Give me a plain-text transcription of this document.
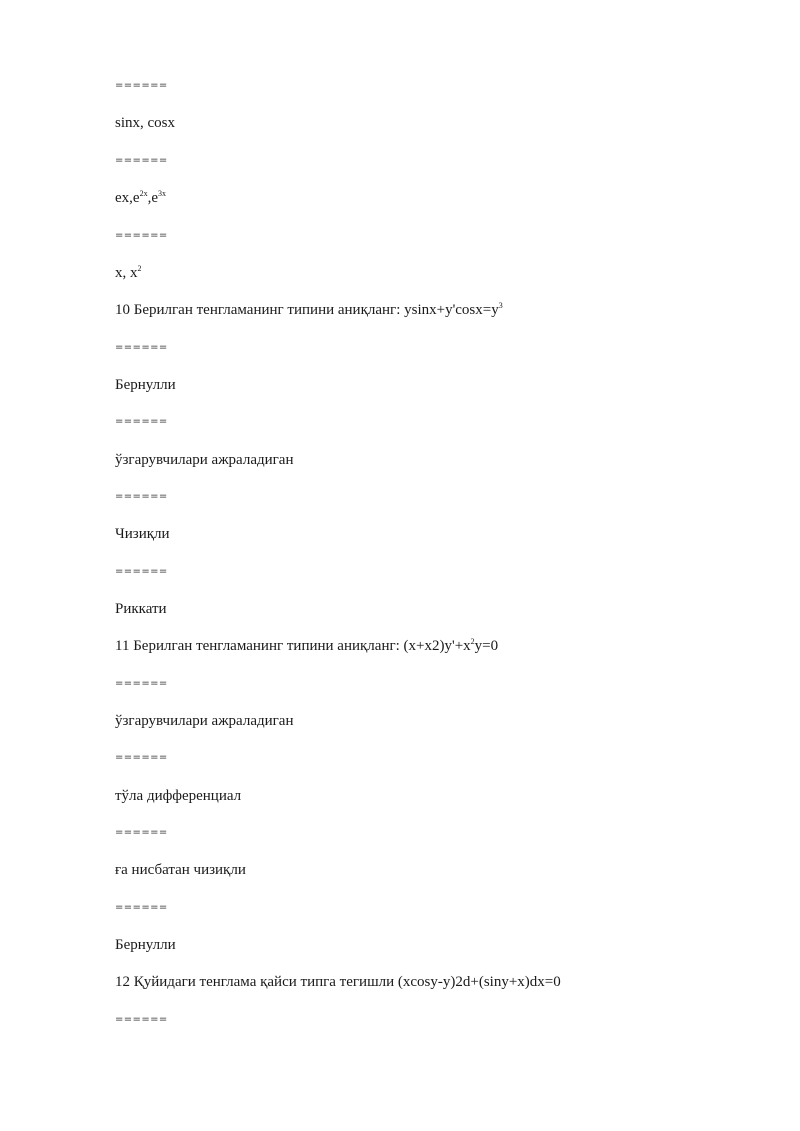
======
sinx, cosx
======
$ex,e^{2x},e^{3x}$
======
x, $x^2$
10 Берилган тенгламанинг типини аниқланг: $ysinx+y'\cos x=y^3$
======
Бернулли
======
ўзгарувчилари ажраладиган
======
Чизиқли
======
Риккати
11 Берилган тенгламанинг типини аниқланг: $(x+x2)y'+x^2y=0$
======
ўзгарувчилари ажраладиган
======
тўла дифференциал
======
ға нисбатан чизиқли
======
Бернулли
12 Қуйидаги тенглама қайси типга тегишли (xcosy-y)2d+(siny+x)dx=0
======
